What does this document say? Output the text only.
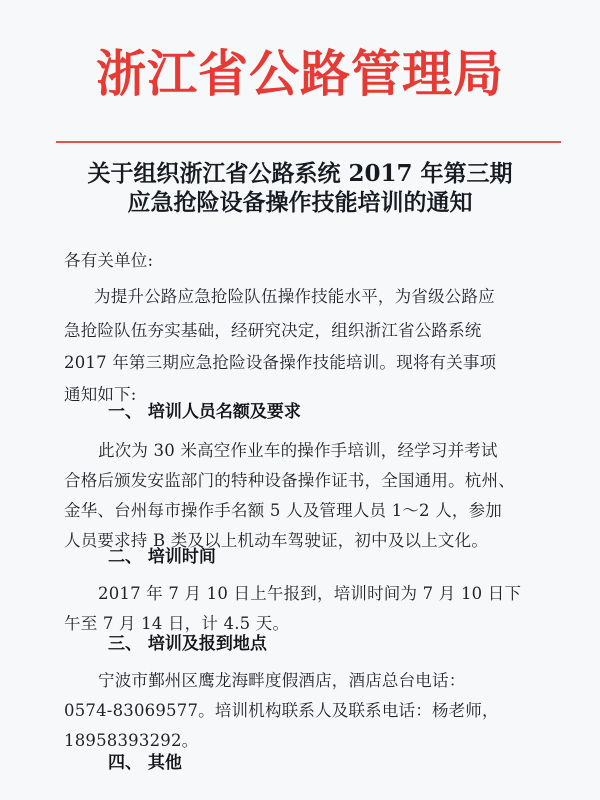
浙江省公路管理局
关于组织浙江省公路系统 2017 年第三期
应急抢险设备操作技能培训的通知
各有关单位:
为提升公路应急抢险队伍操作技能水平，为省级公路应
急抢险队伍夯实基础，经研究决定，组织浙江省公路系统
2017 年第三期应急抢险设备操作技能培训。现将有关事项
通知如下:
一、 培训人员名额及要求
此次为 30 米高空作业车的操作手培训，经学习并考试
合格后颁发安监部门的特种设备操作证书，全国通用。杭州、
金华、台州每市操作手名额 5 人及管理人员 1～2 人，参加
人员要求持 B 类及以上机动车驾驶证，初中及以上文化。
二、 培训时间
2017 年 7 月 10 日上午报到，培训时间为 7 月 10 日下
午至 7 月 14 日，计 4.5 天。
三、 培训及报到地点
宁波市鄞州区鹰龙海畔度假酒店，酒店总台电话：
0574-83069577。培训机构联系人及联系电话：杨老师，
18958393292。
四、 其他
